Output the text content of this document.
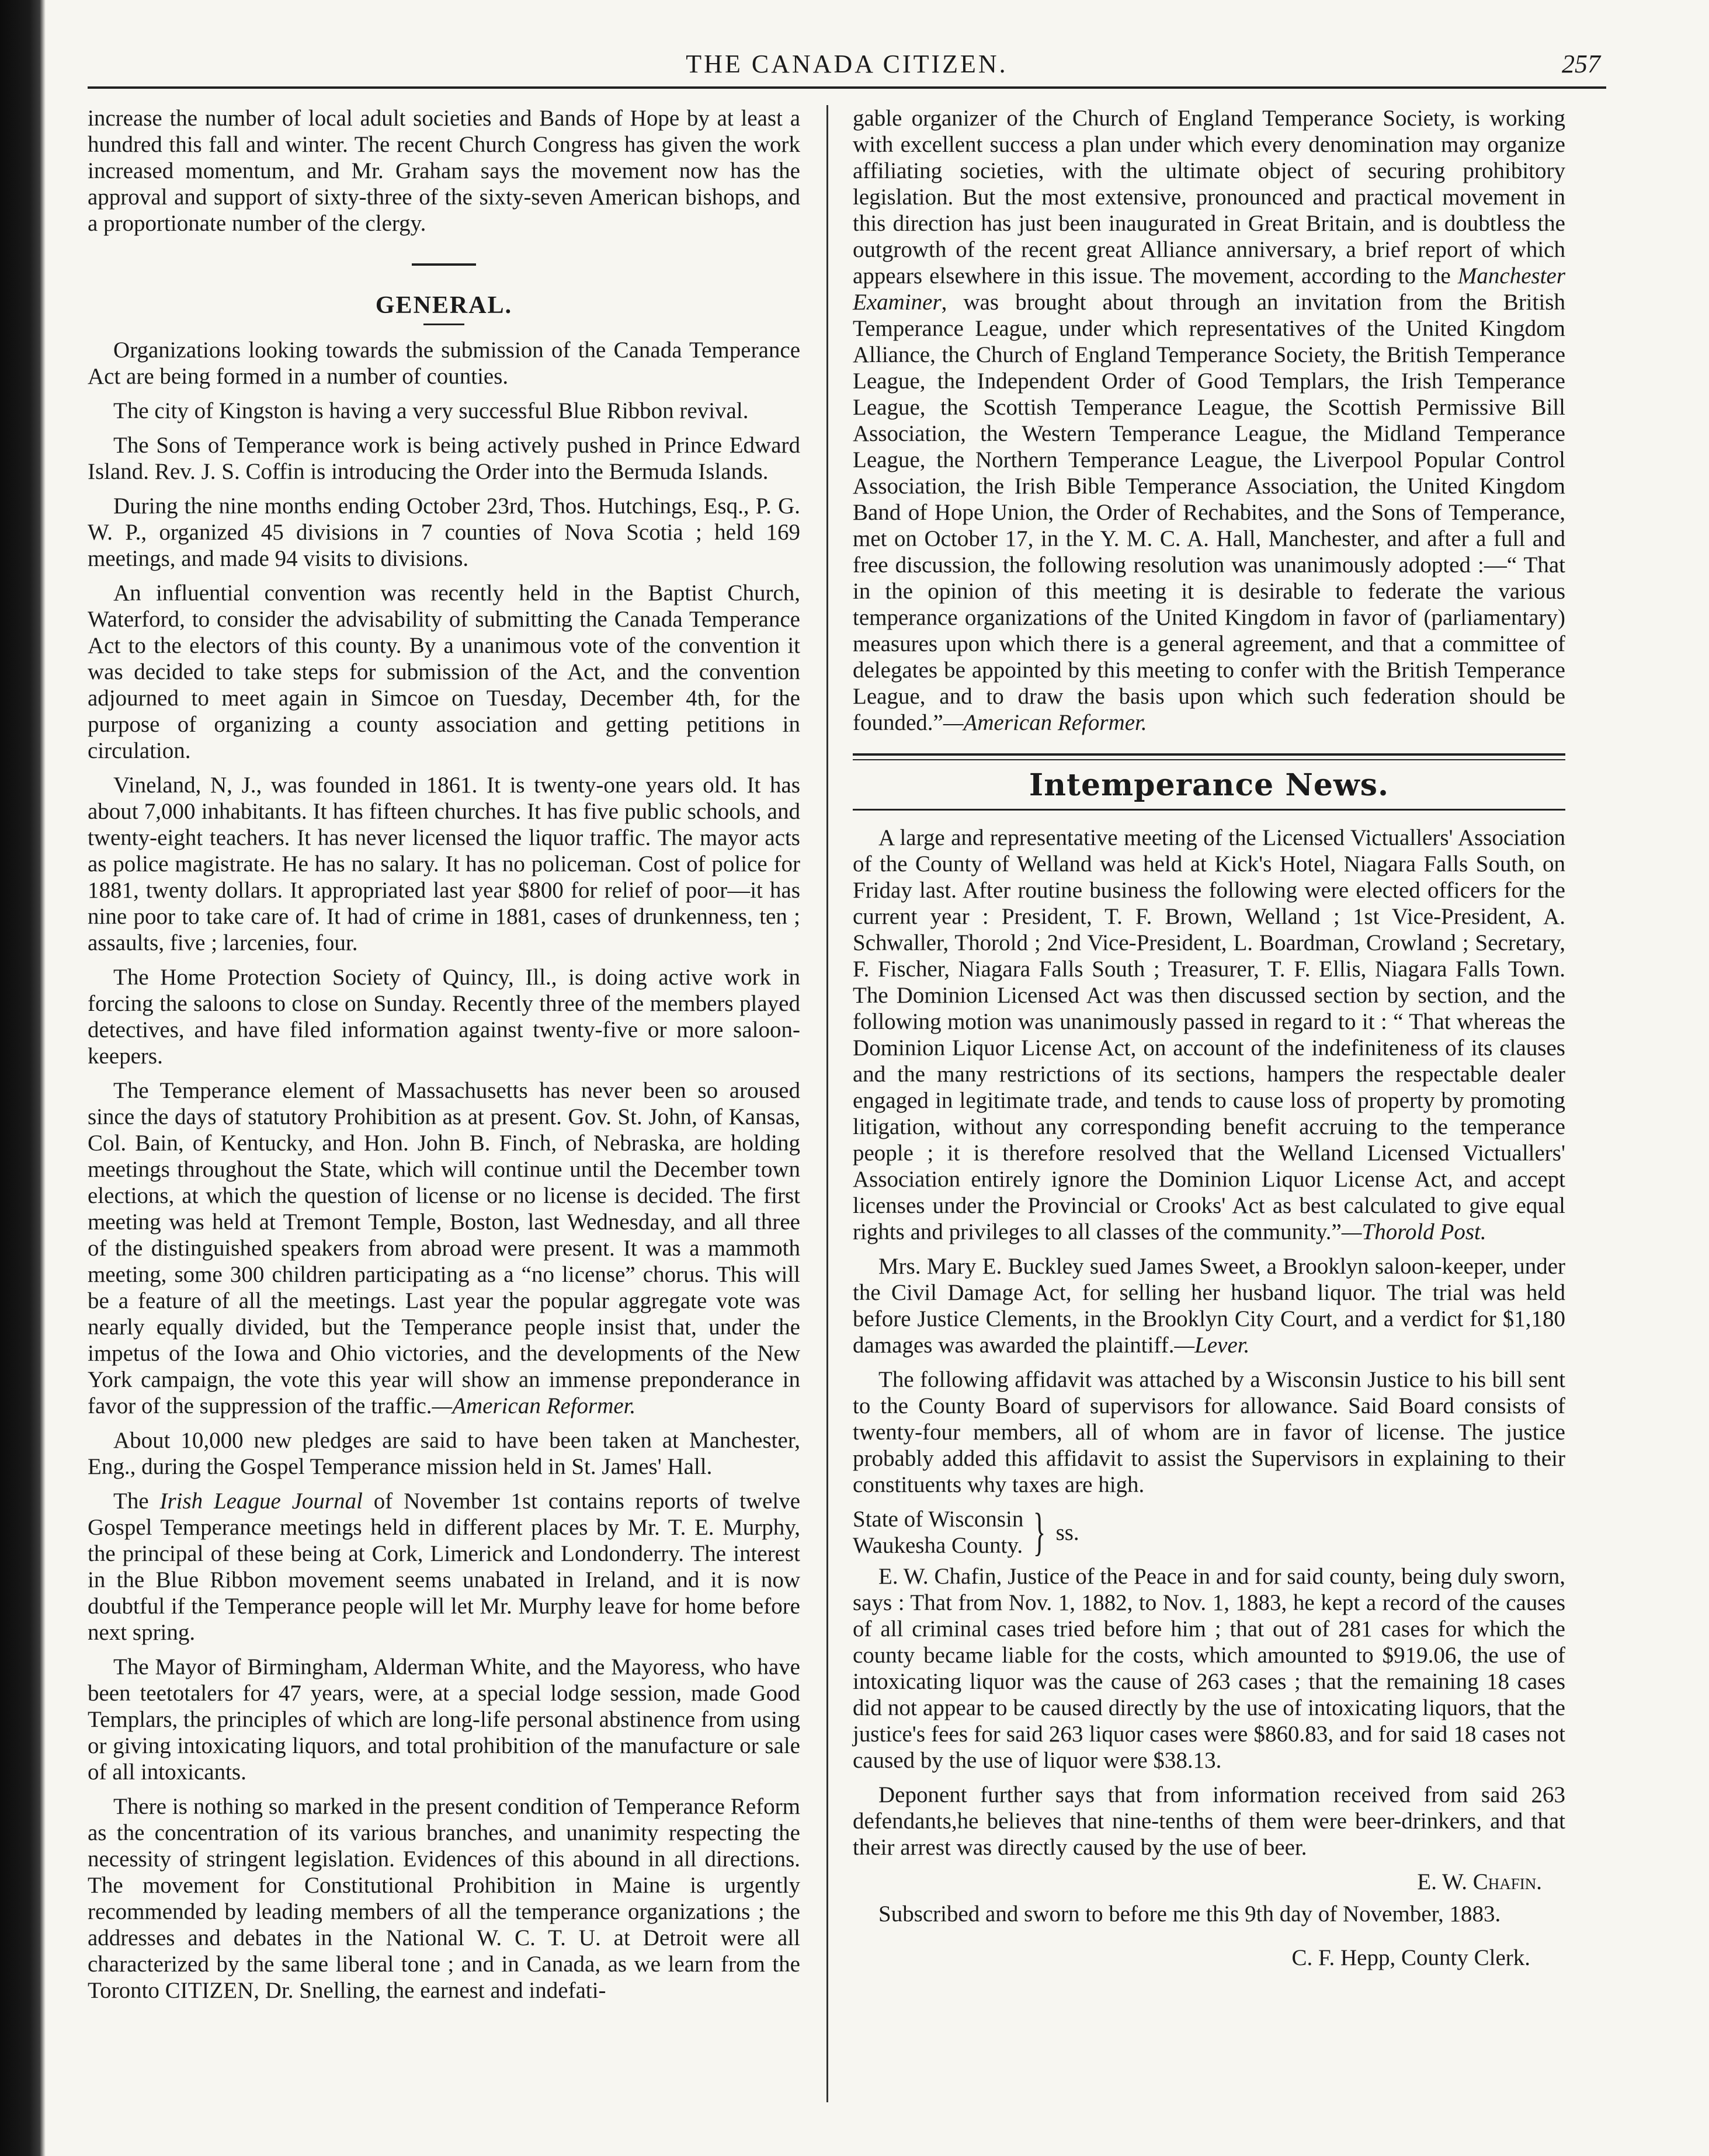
THE CANADA CITIZEN.	257

increase the number of local adult societies and Bands of Hope by at least a hundred this fall and winter. The recent Church Congress has given the work increased momentum, and Mr. Graham says the movement now has the approval and support of sixty-three of the sixty-seven American bishops, and a proportionate number of the clergy.

GENERAL.

Organizations looking towards the submission of the Canada Temperance Act are being formed in a number of counties.

The city of Kingston is having a very successful Blue Ribbon revival.

The Sons of Temperance work is being actively pushed in Prince Edward Island. Rev. J. S. Coffin is introducing the Order into the Bermuda Islands.

During the nine months ending October 23rd, Thos. Hutchings, Esq., P. G. W. P., organized 45 divisions in 7 counties of Nova Scotia ; held 169 meetings, and made 94 visits to divisions.

An influential convention was recently held in the Baptist Church, Waterford, to consider the advisability of submitting the Canada Temperance Act to the electors of this county. By a unanimous vote of the convention it was decided to take steps for submission of the Act, and the convention adjourned to meet again in Simcoe on Tuesday, December 4th, for the purpose of organizing a county association and getting petitions in circulation.

Vineland, N, J., was founded in 1861. It is twenty-one years old. It has about 7,000 inhabitants. It has fifteen churches. It has five public schools, and twenty-eight teachers. It has never licensed the liquor traffic. The mayor acts as police magistrate. He has no salary. It has no policeman. Cost of police for 1881, twenty dollars. It appropriated last year $800 for relief of poor—it has nine poor to take care of. It had of crime in 1881, cases of drunkenness, ten ; assaults, five ; larcenies, four.

The Home Protection Society of Quincy, Ill., is doing active work in forcing the saloons to close on Sunday. Recently three of the members played detectives, and have filed information against twenty-five or more saloon-keepers.

The Temperance element of Massachusetts has never been so aroused since the days of statutory Prohibition as at present. Gov. St. John, of Kansas, Col. Bain, of Kentucky, and Hon. John B. Finch, of Nebraska, are holding meetings throughout the State, which will continue until the December town elections, at which the question of license or no license is decided. The first meeting was held at Tremont Temple, Boston, last Wednesday, and all three of the distinguished speakers from abroad were present. It was a mammoth meeting, some 300 children participating as a “no license” chorus. This will be a feature of all the meetings. Last year the popular aggregate vote was nearly equally divided, but the Temperance people insist that, under the impetus of the Iowa and Ohio victories, and the developments of the New York campaign, the vote this year will show an immense preponderance in favor of the suppression of the traffic.—American Reformer.

About 10,000 new pledges are said to have been taken at Manchester, Eng., during the Gospel Temperance mission held in St. James' Hall.

The Irish League Journal of November 1st contains reports of twelve Gospel Temperance meetings held in different places by Mr. T. E. Murphy, the principal of these being at Cork, Limerick and Londonderry. The interest in the Blue Ribbon movement seems unabated in Ireland, and it is now doubtful if the Temperance people will let Mr. Murphy leave for home before next spring.

The Mayor of Birmingham, Alderman White, and the Mayoress, who have been teetotalers for 47 years, were, at a special lodge session, made Good Templars, the principles of which are long-life personal abstinence from using or giving intoxicating liquors, and total prohibition of the manufacture or sale of all intoxicants.

There is nothing so marked in the present condition of Temperance Reform as the concentration of its various branches, and unanimity respecting the necessity of stringent legislation. Evidences of this abound in all directions. The movement for Constitutional Prohibition in Maine is urgently recommended by leading members of all the temperance organizations ; the addresses and debates in the National W. C. T. U. at Detroit were all characterized by the same liberal tone ; and in Canada, as we learn from the Toronto CITIZEN, Dr. Snelling, the earnest and indefati-

gable organizer of the Church of England Temperance Society, is working with excellent success a plan under which every denomination may organize affiliating societies, with the ultimate object of securing prohibitory legislation. But the most extensive, pronounced and practical movement in this direction has just been inaugurated in Great Britain, and is doubtless the outgrowth of the recent great Alliance anniversary, a brief report of which appears elsewhere in this issue. The movement, according to the Manchester Examiner, was brought about through an invitation from the British Temperance League, under which representatives of the United Kingdom Alliance, the Church of England Temperance Society, the British Temperance League, the Independent Order of Good Templars, the Irish Temperance League, the Scottish Temperance League, the Scottish Permissive Bill Association, the Western Temperance League, the Midland Temperance League, the Northern Temperance League, the Liverpool Popular Control Association, the Irish Bible Temperance Association, the United Kingdom Band of Hope Union, the Order of Rechabites, and the Sons of Temperance, met on October 17, in the Y. M. C. A. Hall, Manchester, and after a full and free discussion, the following resolution was unanimously adopted :—“ That in the opinion of this meeting it is desirable to federate the various temperance organizations of the United Kingdom in favor of (parliamentary) measures upon which there is a general agreement, and that a committee of delegates be appointed by this meeting to confer with the British Temperance League, and to draw the basis upon which such federation should be founded.”—American Reformer.

Intemperance News.

A large and representative meeting of the Licensed Victuallers' Association of the County of Welland was held at Kick's Hotel, Niagara Falls South, on Friday last. After routine business the following were elected officers for the current year : President, T. F. Brown, Welland ; 1st Vice-President, A. Schwaller, Thorold ; 2nd Vice-President, L. Boardman, Crowland ; Secretary, F. Fischer, Niagara Falls South ; Treasurer, T. F. Ellis, Niagara Falls Town. The Dominion Licensed Act was then discussed section by section, and the following motion was unanimously passed in regard to it : “ That whereas the Dominion Liquor License Act, on account of the indefiniteness of its clauses and the many restrictions of its sections, hampers the respectable dealer engaged in legitimate trade, and tends to cause loss of property by promoting litigation, without any corresponding benefit accruing to the temperance people ; it is therefore resolved that the Welland Licensed Victuallers' Association entirely ignore the Dominion Liquor License Act, and accept licenses under the Provincial or Crooks' Act as best calculated to give equal rights and privileges to all classes of the community.”—Thorold Post.

Mrs. Mary E. Buckley sued James Sweet, a Brooklyn saloon-keeper, under the Civil Damage Act, for selling her husband liquor. The trial was held before Justice Clements, in the Brooklyn City Court, and a verdict for $1,180 damages was awarded the plaintiff.—Lever.

The following affidavit was attached by a Wisconsin Justice to his bill sent to the County Board of supervisors for allowance. Said Board consists of twenty-four members, all of whom are in favor of license. The justice probably added this affidavit to assist the Supervisors in explaining to their constituents why taxes are high.

State of Wisconsin
Waukesha County. } ss.

E. W. Chafin, Justice of the Peace in and for said county, being duly sworn, says : That from Nov. 1, 1882, to Nov. 1, 1883, he kept a record of the causes of all criminal cases tried before him ; that out of 281 cases for which the county became liable for the costs, which amounted to $919.06, the use of intoxicating liquor was the cause of 263 cases ; that the remaining 18 cases did not appear to be caused directly by the use of intoxicating liquors, that the justice's fees for said 263 liquor cases were $860.83, and for said 18 cases not caused by the use of liquor were $38.13.

Deponent further says that from information received from said 263 defendants,he believes that nine-tenths of them were beer-drinkers, and that their arrest was directly caused by the use of beer.

E. W. Chafin.

Subscribed and sworn to before me this 9th day of November, 1883.

C. F. Hepp, County Clerk.
